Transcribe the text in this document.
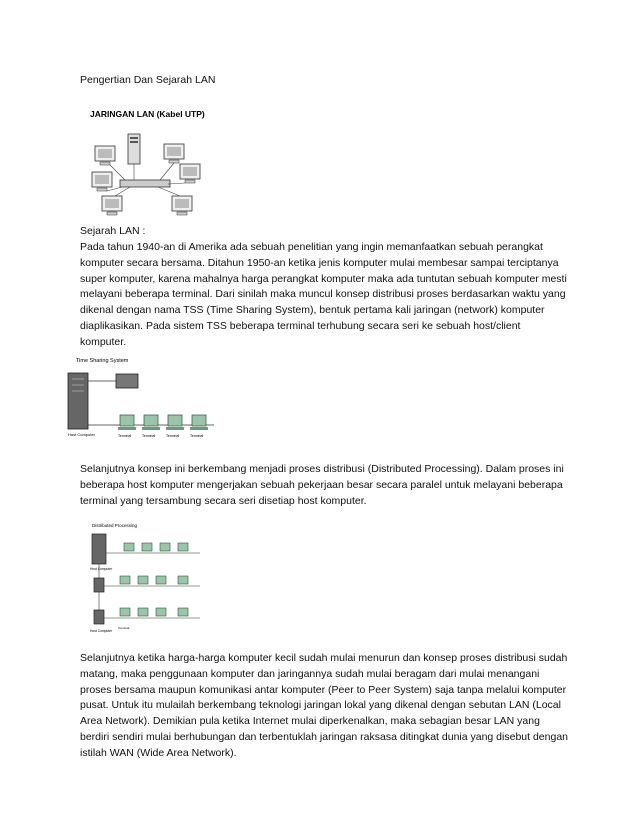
Pengertian Dan Sejarah LAN
JARINGAN LAN (Kabel UTP)

Sejarah LAN :

Pada tahun 1940-an di Amerika ada sebuah penelitian yang ingin memanfaatkan sebuah perangkat komputer secara bersama. Ditahun 1950-an ketika jenis komputer mulai membesar sampai terciptanya super komputer, karena mahalnya harga perangkat komputer maka ada tuntutan sebuah komputer mesti melayani beberapa terminal. Dari sinilah maka muncul konsep distribusi proses berdasarkan waktu yang dikenal dengan nama TSS (Time Sharing System), bentuk pertama kali jaringan (network) komputer diaplikasikan. Pada sistem TSS beberapa terminal terhubung secara seri ke sebuah host/client komputer.

Time Sharing System
Host Computer	Terminal	Terminal	Terminal	Terminal

Selanjutnya konsep ini berkembang menjadi proses distribusi (Distributed Processing). Dalam proses ini beberapa host komputer mengerjakan sebuah pekerjaan besar secara paralel untuk melayani beberapa terminal yang tersambung secara seri disetiap host komputer.

Distributed Processing
Host Computer
Host Computer
Terminal

Selanjutnya ketika harga-harga komputer kecil sudah mulai menurun dan konsep proses distribusi sudah matang, maka penggunaan komputer dan jaringannya sudah mulai beragam dari mulai menangani proses bersama maupun komunikasi antar komputer (Peer to Peer System) saja tanpa melalui komputer pusat. Untuk itu mulailah berkembang teknologi jaringan lokal yang dikenal dengan sebutan LAN (Local Area Network). Demikian pula ketika Internet mulai diperkenalkan, maka sebagian besar LAN yang berdiri sendiri mulai berhubungan dan terbentuklah jaringan raksasa ditingkat dunia yang disebut dengan istilah WAN (Wide Area Network).
